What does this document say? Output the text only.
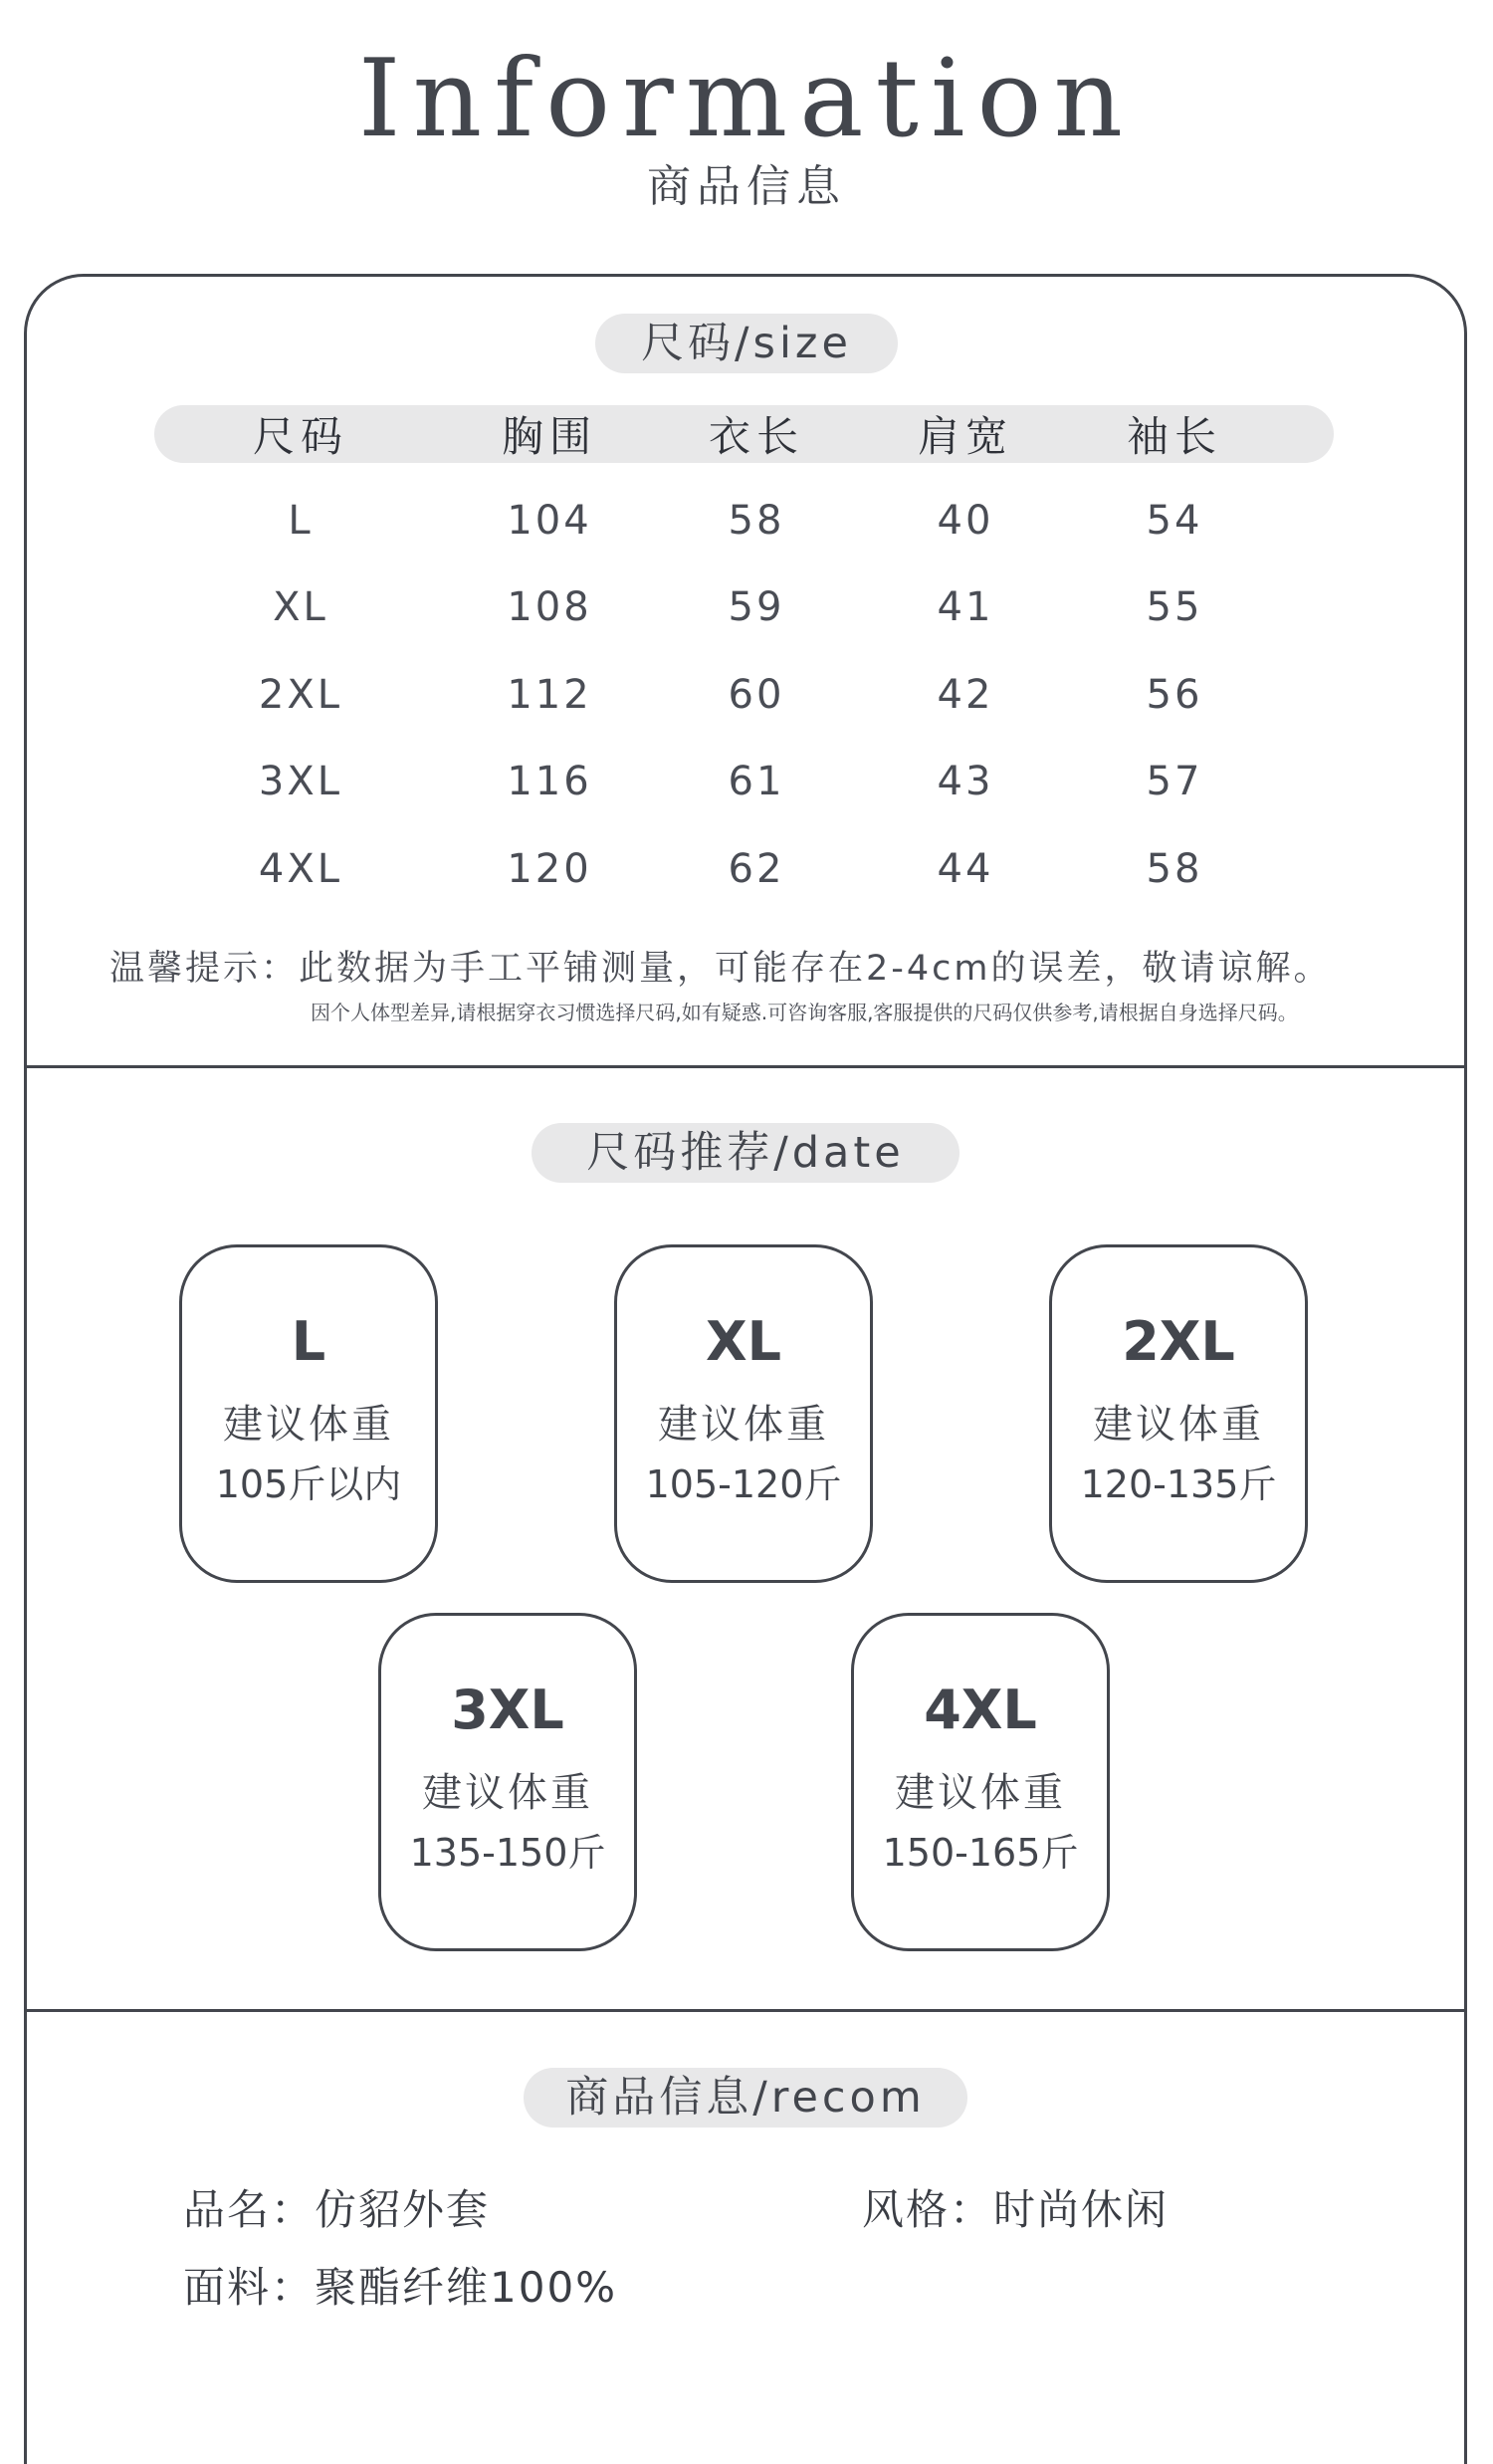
Information
商品信息
尺码/size
尺码	胸围	衣长	肩宽	袖长
L	104	58	40	54
XL	108	59	41	55
2XL	112	60	42	56
3XL	116	61	43	57
4XL	120	62	44	58
温馨提示：此数据为手工平铺测量，可能存在2-4cm的误差，敬请谅解。
因个人体型差异,请根据穿衣习惯选择尺码,如有疑惑.可咨询客服,客服提供的尺码仅供参考,请根据自身选择尺码。
尺码推荐/date
L
建议体重
105斤以内
XL
建议体重
105-120斤
2XL
建议体重
120-135斤
3XL
建议体重
135-150斤
4XL
建议体重
150-165斤
商品信息/recom
品名：仿貂外套	风格：时尚休闲
面料：聚酯纤维100%
